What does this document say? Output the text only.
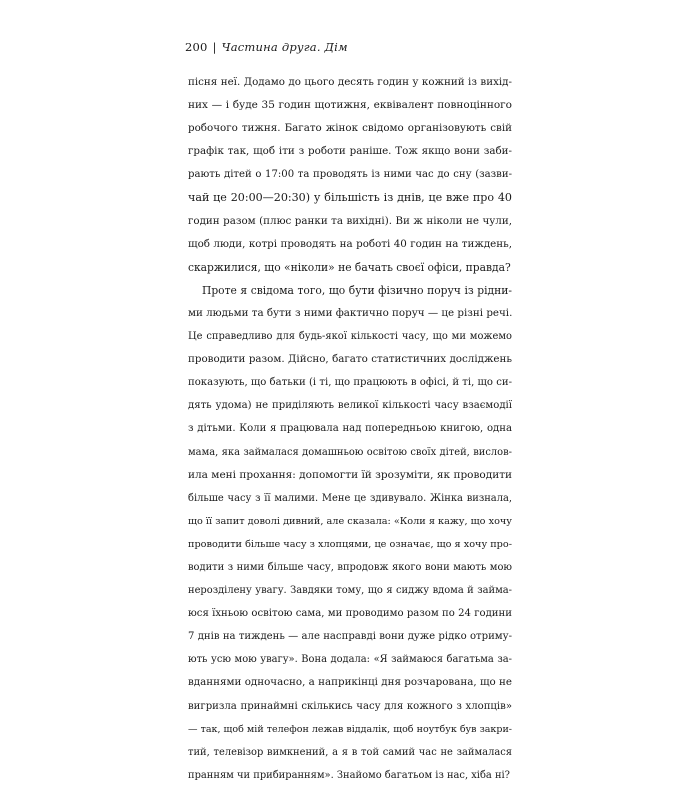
200 | Частина друга. Дім
пісня неї. Додамо до цього десять годин у кожний із вихід-
них — і буде 35 годин щотижня, еквівалент повноцінного
робочого тижня. Багато жінок свідомо організовують свій
графік так, щоб іти з роботи раніше. Тож якщо вони заби-
рають дітей о 17:00 та проводять із ними час до сну (зазви-
чай це 20:00—20:30) у більшість із днів, це вже про 40
годин разом (плюс ранки та вихідні). Ви ж ніколи не чули,
щоб люди, котрі проводять на роботі 40 годин на тиждень,
скаржилися, що «ніколи» не бачать своєї офіси, правда?
Проте я свідома того, що бути фізично поруч із рідни-
ми людьми та бути з ними фактично поруч — це різні речі.
Це справедливо для будь-якої кількості часу, що ми можемо
проводити разом. Дійсно, багато статистичних досліджень
показують, що батьки (і ті, що працюють в офісі, й ті, що си-
дять удома) не приділяють великої кількості часу взаємодії
з дітьми. Коли я працювала над попередньою книгою, одна
мама, яка займалася домашньою освітою своїх дітей, вислов-
ила мені прохання: допомогти їй зрозуміти, як проводити
більше часу з її малими. Мене це здивувало. Жінка визнала,
що її запит доволі дивний, але сказала: «Коли я кажу, що хочу
проводити більше часу з хлопцями, це означає, що я хочу про-
водити з ними більше часу, впродовж якого вони мають мою
нерозділену увагу. Завдяки тому, що я сиджу вдома й займа-
юся їхньою освітою сама, ми проводимо разом по 24 години
7 днів на тиждень — але насправді вони дуже рідко отриму-
ють усю мою увагу». Вона додала: «Я займаюся багатьма за-
вданнями одночасно, а наприкінці дня розчарована, що не
вигризла принаймні скількись часу для кожного з хлопців»
— так, щоб мій телефон лежав віддалік, щоб ноутбук був закри-
тий, телевізор вимкнений, а я в той самий час не займалася
пранням чи прибиранням». Знайомо багатьом із нас, хіба ні?
